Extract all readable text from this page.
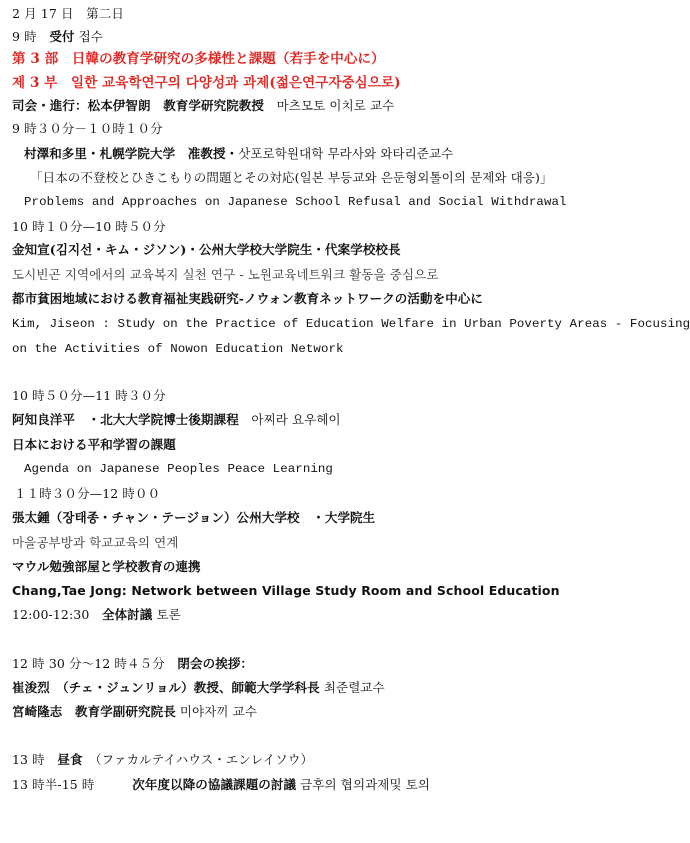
2 月 17 日　第二日
9 時　受付 접수
第 3 部　日韓の教育学研究の多様性と課題（若手を中心に）
제 3 부　일한 교육학연구의 다양성과 과제(젊은연구자중심으로)
司会・進行：松本伊智朗　教育学研究院教授　마츠모토 이치로 교수
9 時３０分－１０時１０分
村澤和多里・札幌学院大学　准教授・삿포로학원대학 무라사와 와타리준교수
「日本の不登校とひきこもりの問題とその対応(일본 부등교와 은둔형외톨이의 문제와 대응)」
Problems and Approaches on Japanese School Refusal and Social Withdrawal
10 時１０分—10 時５０分
金知宣(김지선・キム・ジソン)・公州大学校大学院生・代案学校校長
도시빈곤 지역에서의 교육복지 실천 연구 - 노원교육네트워크 활동을 중심으로
都市貧困地域における教育福祉実践研究-ノウォン教育ネットワークの活動を中心に
Kim, Jiseon : Study on the Practice of Education Welfare in Urban Poverty Areas - Focusing
on the Activities of Nowon Education Network
10 時５０分—11 時３０分
阿知良洋平　・北大大学院博士後期課程　아찌라 요우헤이
日本における平和学習の課題
Agenda on Japanese Peoples Peace Learning
１１時３０分—12 時００
張太鍾（장태종・チャン・テージョン）公州大学校　・大学院生
마을공부방과 학교교육의 연계
マウル勉強部屋と学校教育の連携
Chang,Tae Jong: Network between Village Study Room and School Education
12:00-12:30　全体討議 토론
12 時 30 分～12 時４５分　閉会の挨拶：
崔浚烈　（チェ・ジュンリョル）教授、師範大学学科長 최준렬교수
宮崎隆志　教育学副研究院長 미야자끼 교수
13 時　昼食　（ファカルテイハウス・エンレイソウ）
13 時半-15 時　　　次年度以降の協議課題の討議 금후의 협의과제및 토의
